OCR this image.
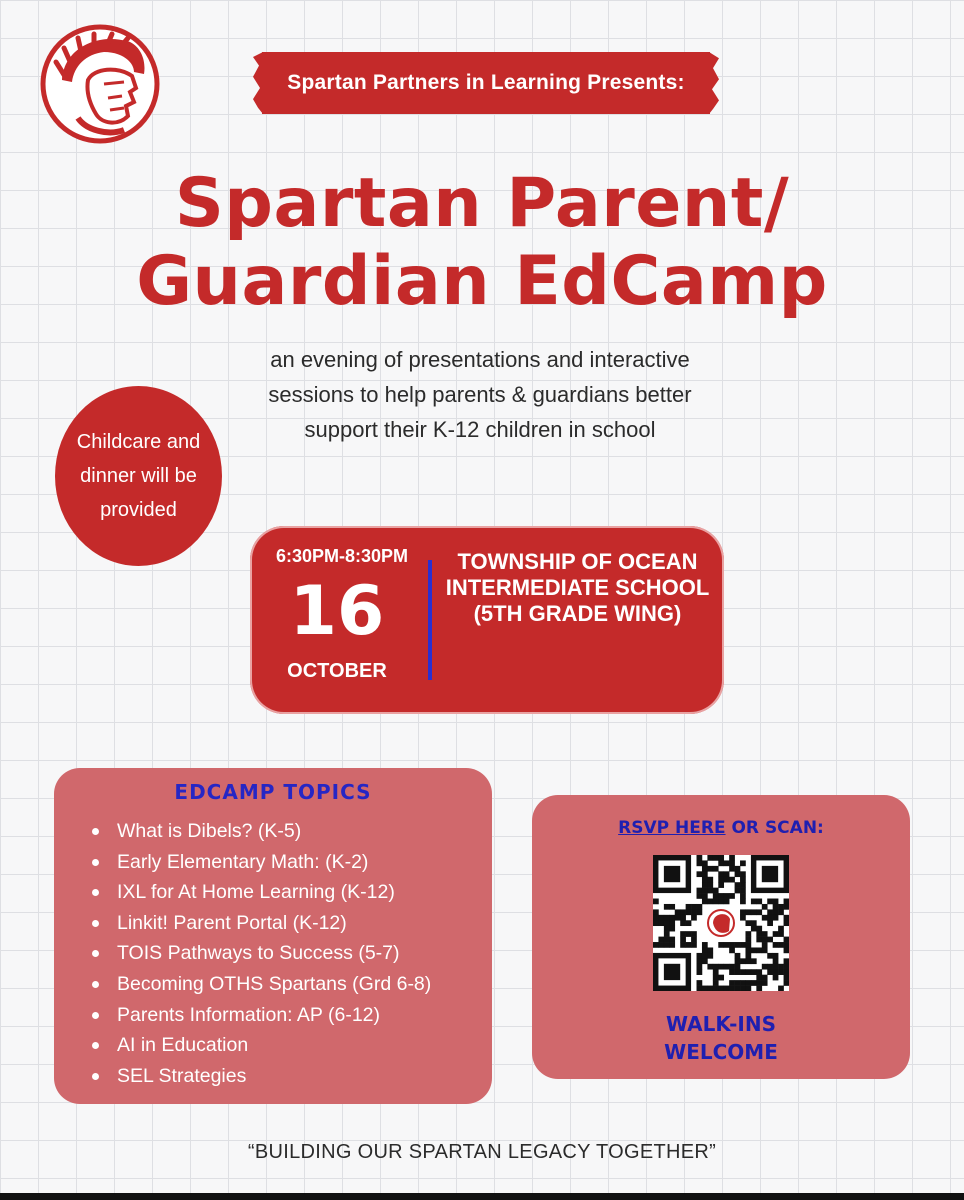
Spartan Partners in Learning Presents:
Spartan Parent/
Guardian EdCamp
an evening of presentations and interactive sessions to help parents & guardians better support their K-12 children in school
Childcare and dinner will be provided
6:30PM-8:30PM
16
OCTOBER
TOWNSHIP OF OCEAN INTERMEDIATE SCHOOL (5TH GRADE WING)
EDCAMP TOPICS
What is Dibels? (K-5)
Early Elementary Math: (K-2)
IXL for At Home Learning (K-12)
Linkit! Parent Portal (K-12)
TOIS Pathways to Success (5-7)
Becoming OTHS Spartans (Grd 6-8)
Parents Information: AP (6-12)
AI in Education
SEL Strategies
RSVP HERE OR SCAN:
WALK-INS
WELCOME
“BUILDING OUR SPARTAN LEGACY TOGETHER”
